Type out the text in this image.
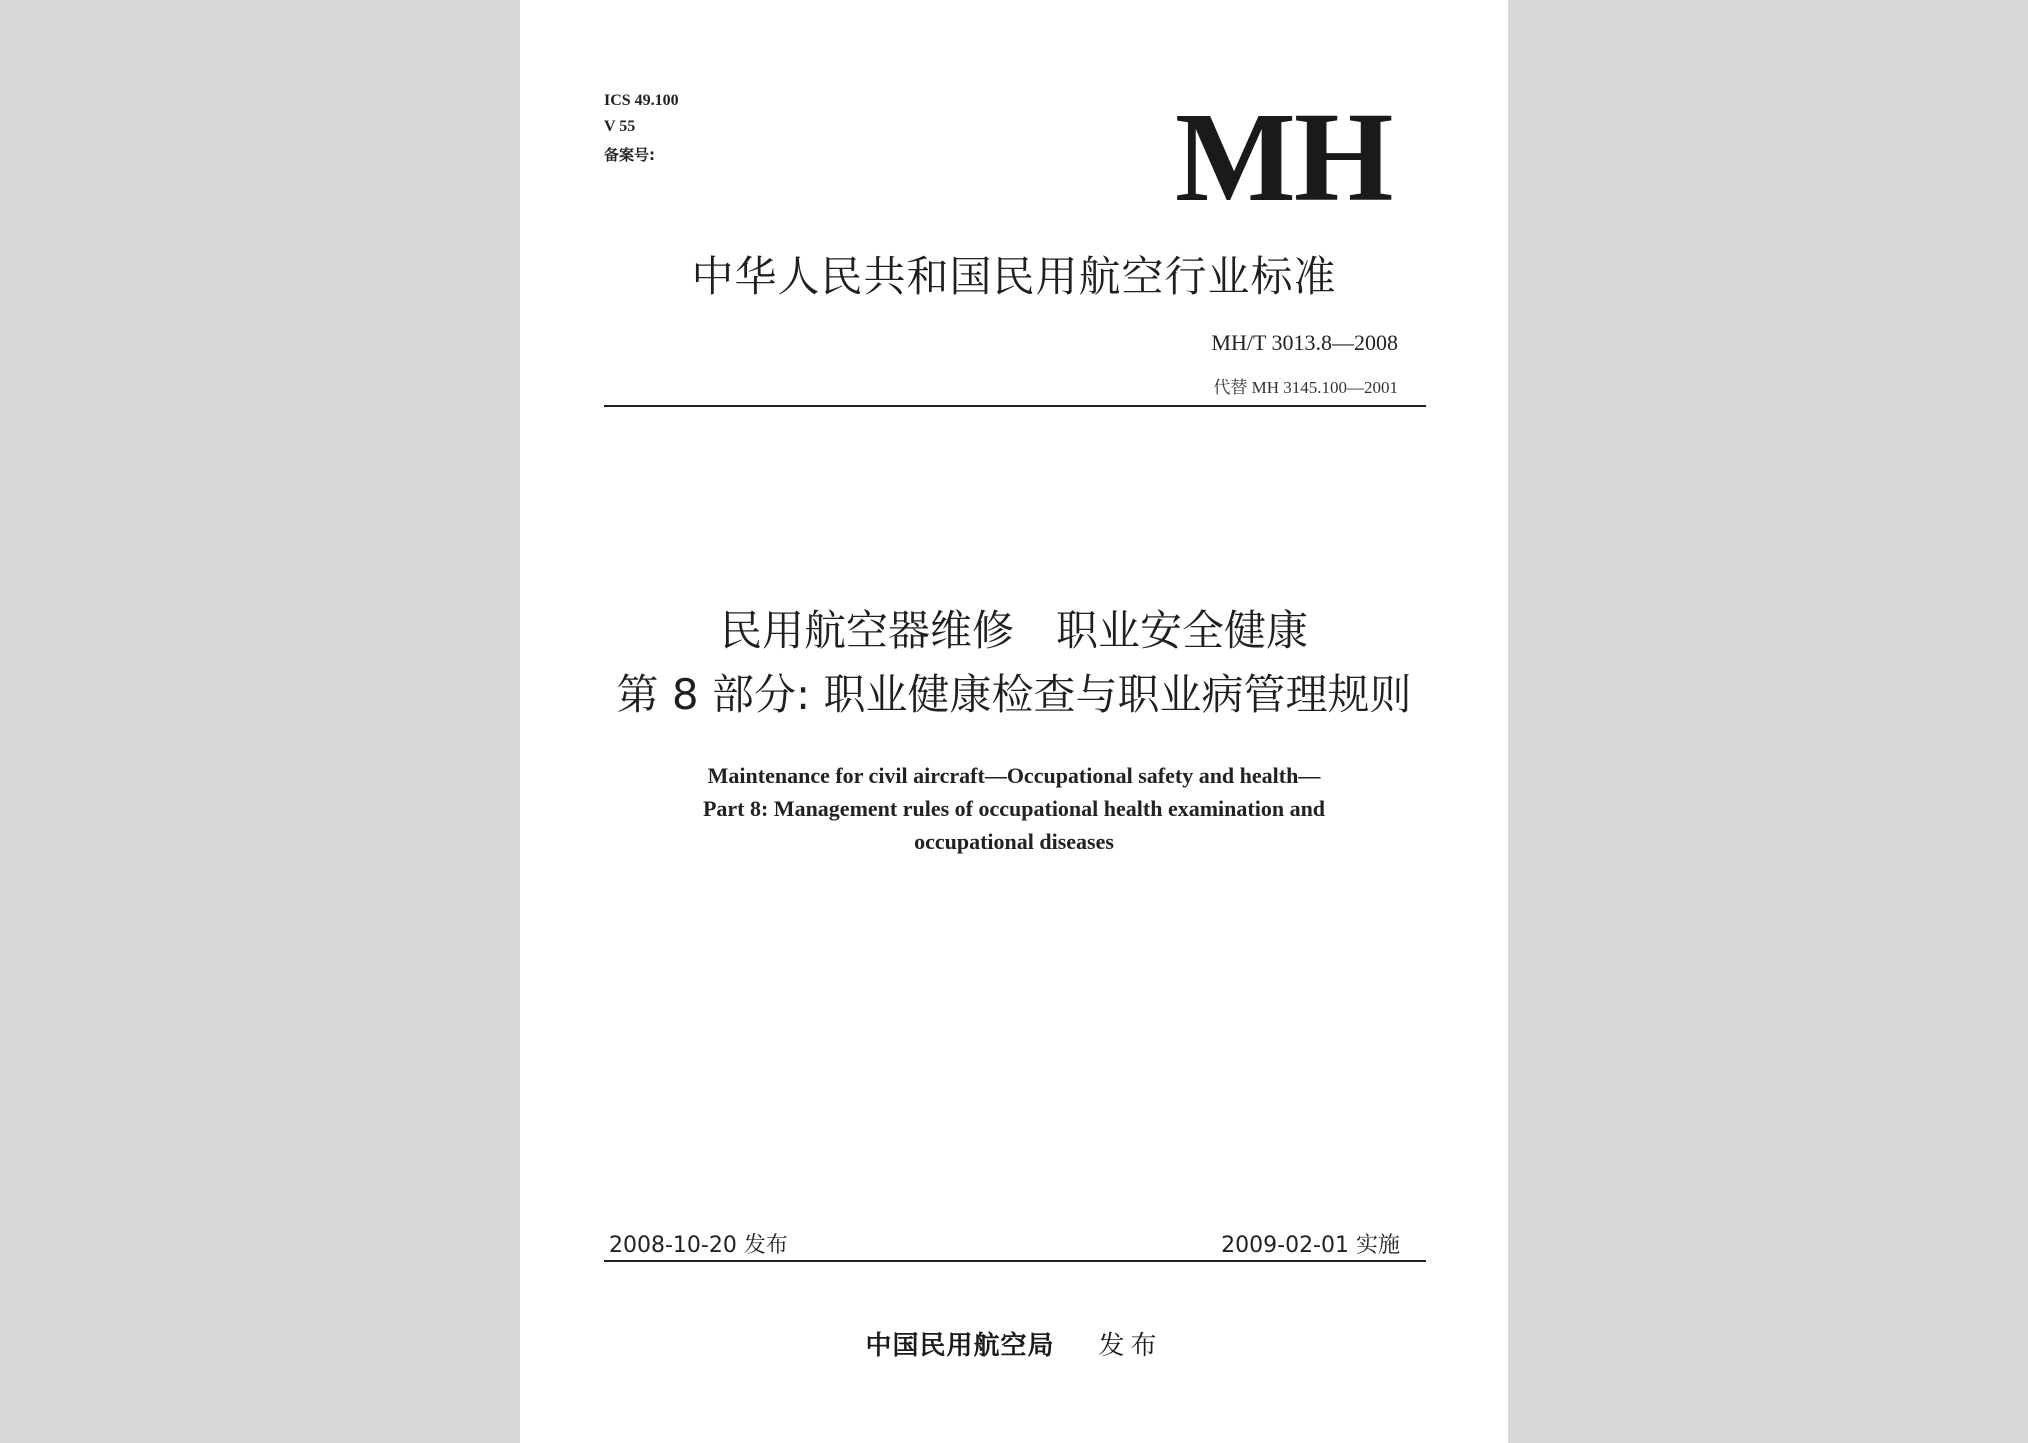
ICS 49.100
V 55
备案号:	MH
中华人民共和国民用航空行业标准
MH/T 3013.8—2008
代替 MH 3145.100—2001
民用航空器维修　职业安全健康
第 8 部分: 职业健康检查与职业病管理规则
Maintenance for civil aircraft—Occupational safety and health—
Part 8: Management rules of occupational health examination and
occupational diseases
2008-10-20 发布	2009-02-01 实施
中国民用航空局 发布
